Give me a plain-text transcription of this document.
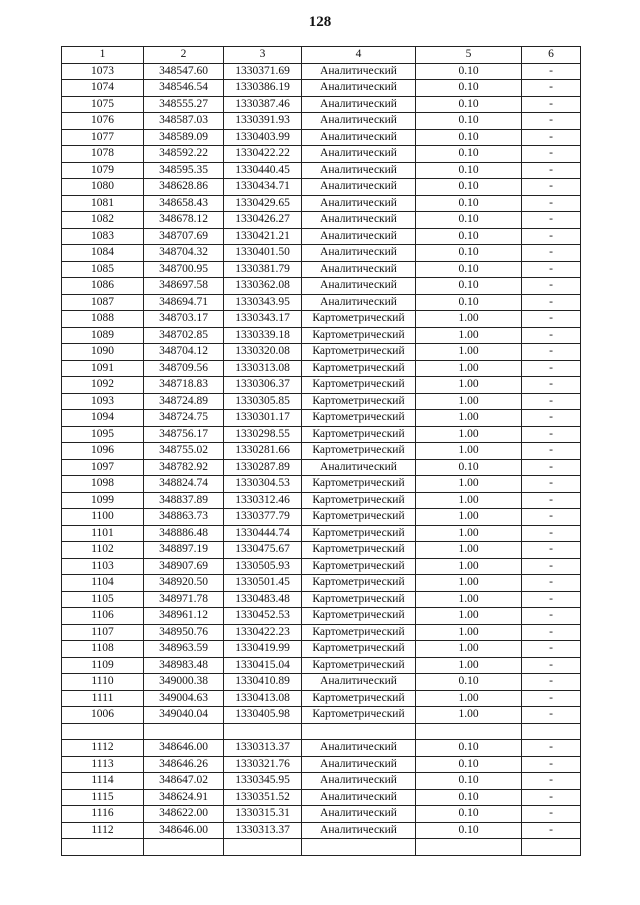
128
1	2	3	4	5	6
1073	348547.60	1330371.69	Аналитический	0.10	-
1074	348546.54	1330386.19	Аналитический	0.10	-
1075	348555.27	1330387.46	Аналитический	0.10	-
1076	348587.03	1330391.93	Аналитический	0.10	-
1077	348589.09	1330403.99	Аналитический	0.10	-
1078	348592.22	1330422.22	Аналитический	0.10	-
1079	348595.35	1330440.45	Аналитический	0.10	-
1080	348628.86	1330434.71	Аналитический	0.10	-
1081	348658.43	1330429.65	Аналитический	0.10	-
1082	348678.12	1330426.27	Аналитический	0.10	-
1083	348707.69	1330421.21	Аналитический	0.10	-
1084	348704.32	1330401.50	Аналитический	0.10	-
1085	348700.95	1330381.79	Аналитический	0.10	-
1086	348697.58	1330362.08	Аналитический	0.10	-
1087	348694.71	1330343.95	Аналитический	0.10	-
1088	348703.17	1330343.17	Картометрический	1.00	-
1089	348702.85	1330339.18	Картометрический	1.00	-
1090	348704.12	1330320.08	Картометрический	1.00	-
1091	348709.56	1330313.08	Картометрический	1.00	-
1092	348718.83	1330306.37	Картометрический	1.00	-
1093	348724.89	1330305.85	Картометрический	1.00	-
1094	348724.75	1330301.17	Картометрический	1.00	-
1095	348756.17	1330298.55	Картометрический	1.00	-
1096	348755.02	1330281.66	Картометрический	1.00	-
1097	348782.92	1330287.89	Аналитический	0.10	-
1098	348824.74	1330304.53	Картометрический	1.00	-
1099	348837.89	1330312.46	Картометрический	1.00	-
1100	348863.73	1330377.79	Картометрический	1.00	-
1101	348886.48	1330444.74	Картометрический	1.00	-
1102	348897.19	1330475.67	Картометрический	1.00	-
1103	348907.69	1330505.93	Картометрический	1.00	-
1104	348920.50	1330501.45	Картометрический	1.00	-
1105	348971.78	1330483.48	Картометрический	1.00	-
1106	348961.12	1330452.53	Картометрический	1.00	-
1107	348950.76	1330422.23	Картометрический	1.00	-
1108	348963.59	1330419.99	Картометрический	1.00	-
1109	348983.48	1330415.04	Картометрический	1.00	-
1110	349000.38	1330410.89	Аналитический	0.10	-
1111	349004.63	1330413.08	Картометрический	1.00	-
1006	349040.04	1330405.98	Картометрический	1.00	-

1112	348646.00	1330313.37	Аналитический	0.10	-
1113	348646.26	1330321.76	Аналитический	0.10	-
1114	348647.02	1330345.95	Аналитический	0.10	-
1115	348624.91	1330351.52	Аналитический	0.10	-
1116	348622.00	1330315.31	Аналитический	0.10	-
1112	348646.00	1330313.37	Аналитический	0.10	-
